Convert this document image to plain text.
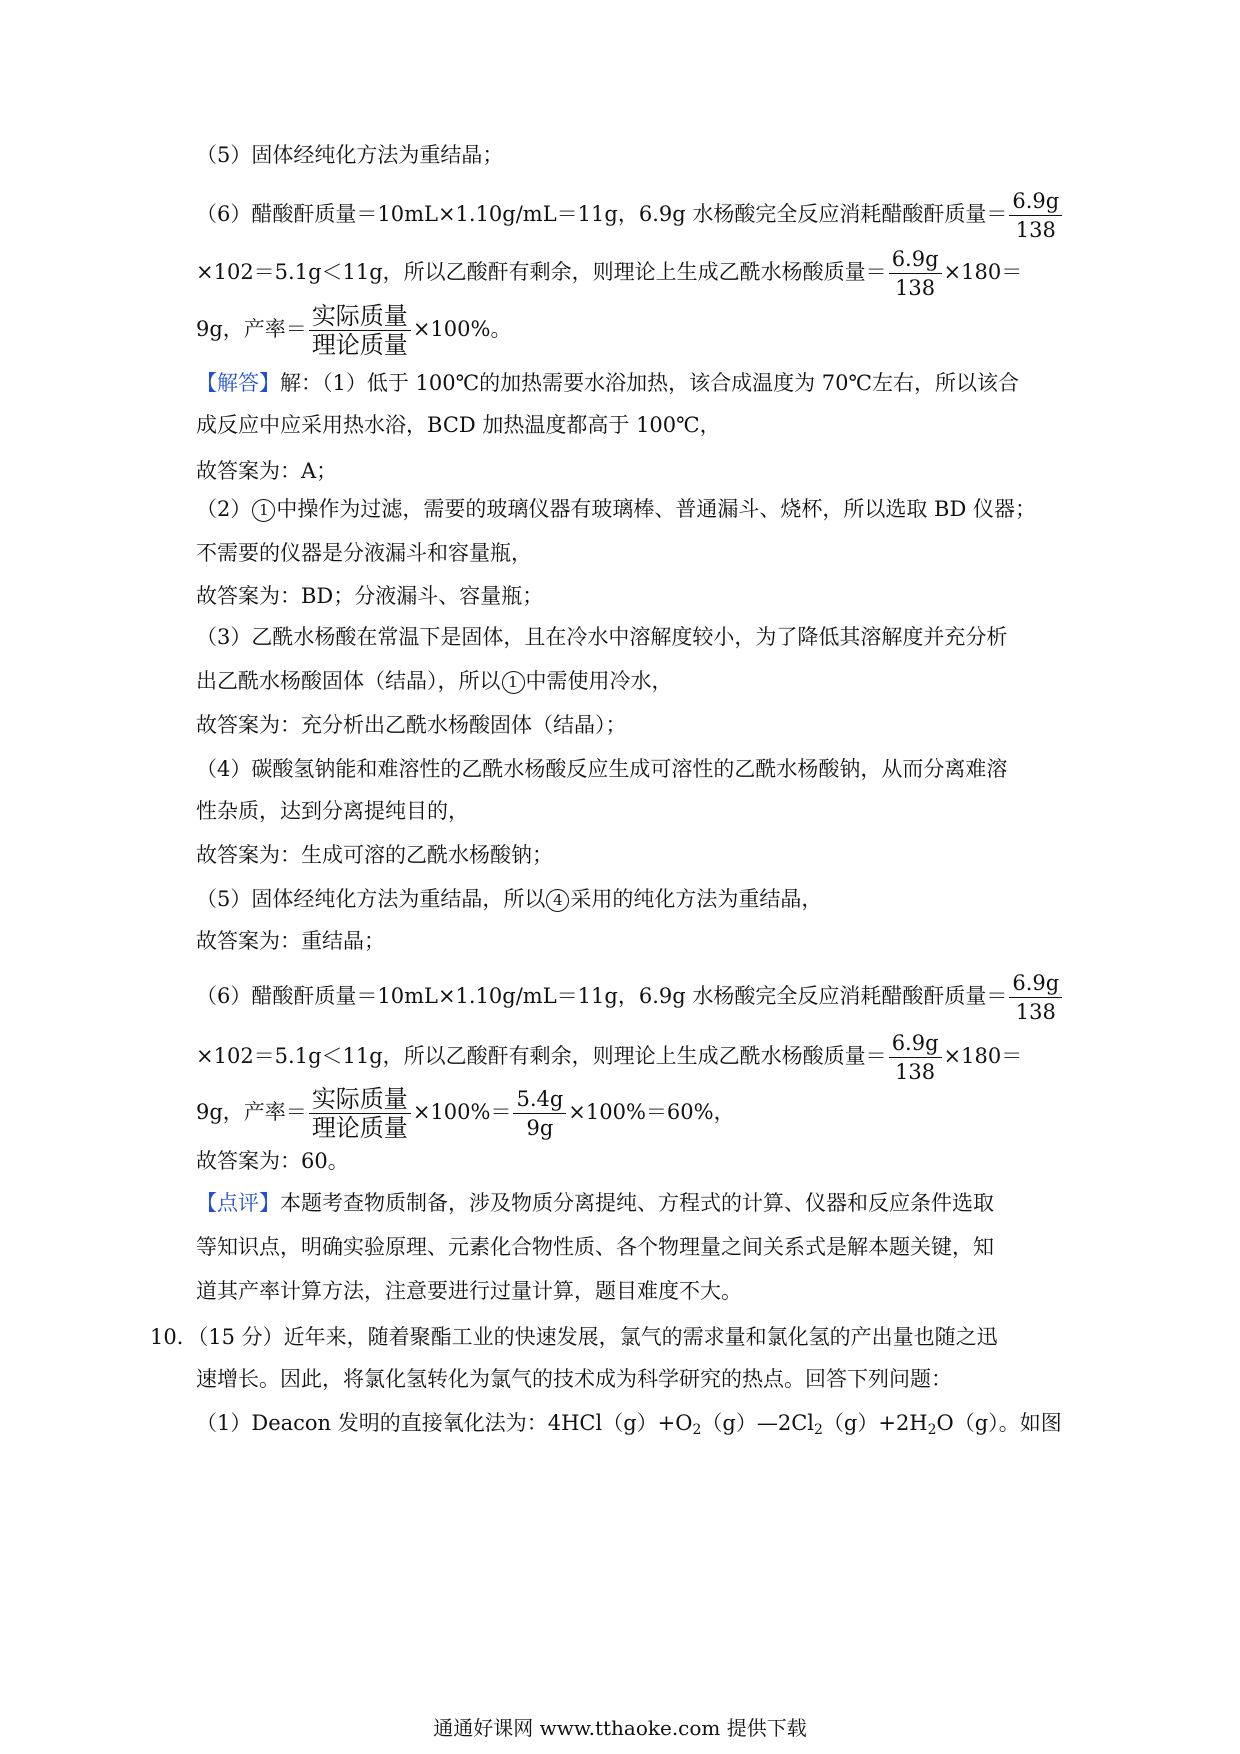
（5）固体经纯化方法为重结晶；
（6）醋酸酐质量＝10mL×1.10g/mL＝11g，6.9g 水杨酸完全反应消耗醋酸酐质量＝ $\frac{6.9g}{138}$
×102＝5.1g＜11g，所以乙酸酐有剩余，则理论上生成乙酰水杨酸质量＝ $\frac{6.9g}{138} \times 180=$
9g，产率＝ $\frac{\text{实际质量}}{\text{理论质量}} \times 100\%$。
【解答】解：（1）低于 100℃的加热需要水浴加热，该合成温度为 70℃左右，所以该合
成反应中应采用热水浴，BCD 加热温度都高于 100℃，
故答案为：A；
（2） 1 中操作为过滤，需要的玻璃仪器有玻璃棒、普通漏斗、烧杯，所以选取 BD 仪器；
不需要的仪器是分液漏斗和容量瓶，
故答案为：BD；分液漏斗、容量瓶；
（3）乙酰水杨酸在常温下是固体，且在冷水中溶解度较小，为了降低其溶解度并充分析
出乙酰水杨酸固体（结晶），所以 1 中需使用冷水，
故答案为：充分析出乙酰水杨酸固体（结晶）；
（4）碳酸氢钠能和难溶性的乙酰水杨酸反应生成可溶性的乙酰水杨酸钠，从而分离难溶
性杂质，达到分离提纯目的，
故答案为：生成可溶的乙酰水杨酸钠；
（5）固体经纯化方法为重结晶，所以 4 采用的纯化方法为重结晶，
故答案为：重结晶；
（6）醋酸酐质量＝10mL×1.10g/mL＝11g，6.9g 水杨酸完全反应消耗醋酸酐质量＝ $\frac{6.9g}{138}$
×102＝5.1g＜11g，所以乙酸酐有剩余，则理论上生成乙酰水杨酸质量＝ $\frac{6.9g}{138} \times 180=$
9g，产率＝ $\frac{\text{实际质量}}{\text{理论质量}} \times 100\%= \frac{5.4g}{9g} \times 100\%=60\%$，
故答案为：60。
【点评】本题考查物质制备，涉及物质分离提纯、方程式的计算、仪器和反应条件选取
等知识点，明确实验原理、元素化合物性质、各个物理量之间关系式是解本题关键，知
道其产率计算方法，注意要进行过量计算，题目难度不大。
10．（15 分）近年来，随着聚酯工业的快速发展，氯气的需求量和氯化氢的产出量也随之迅
速增长。因此，将氯化氢转化为氯气的技术成为科学研究的热点。回答下列问题：
（1）Deacon 发明的直接氧化法为：$4HCl(g)+O_2(g)—2Cl_2(g)+2H_2O(g)$。如图
通通好课网 www.tthaoke.com 提供下载
